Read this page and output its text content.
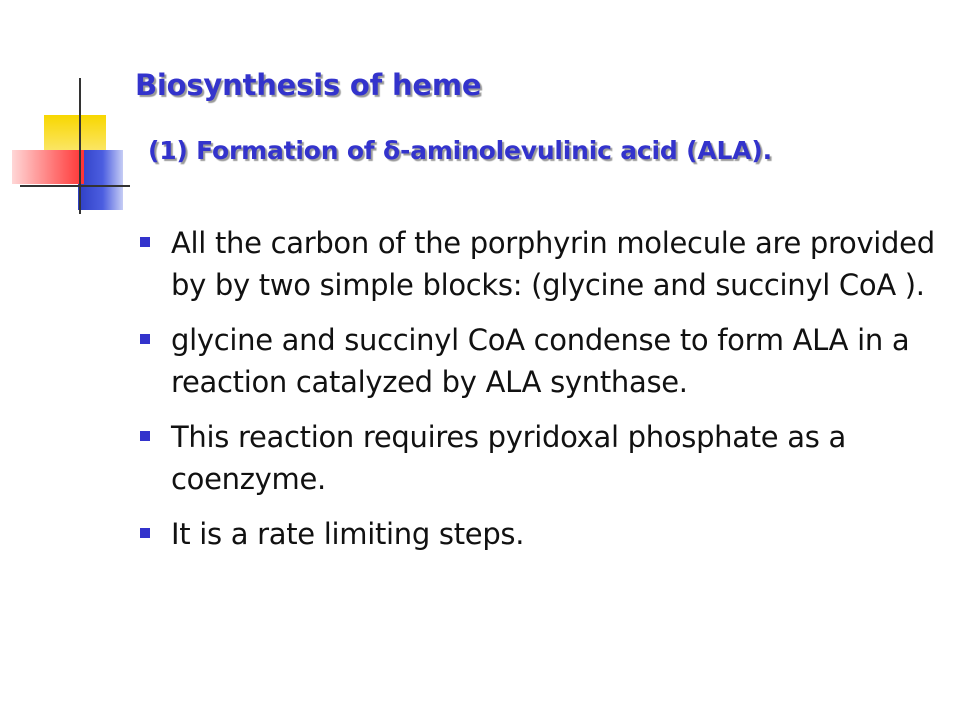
Biosynthesis of heme
(1) Formation of δ-aminolevulinic acid (ALA).
All the carbon of the porphyrin molecule are provided by by two simple blocks: (glycine and succinyl CoA ).
glycine and succinyl CoA condense to form ALA in a reaction catalyzed by ALA synthase.
This reaction requires pyridoxal phosphate as a coenzyme.
It is a rate limiting steps.
